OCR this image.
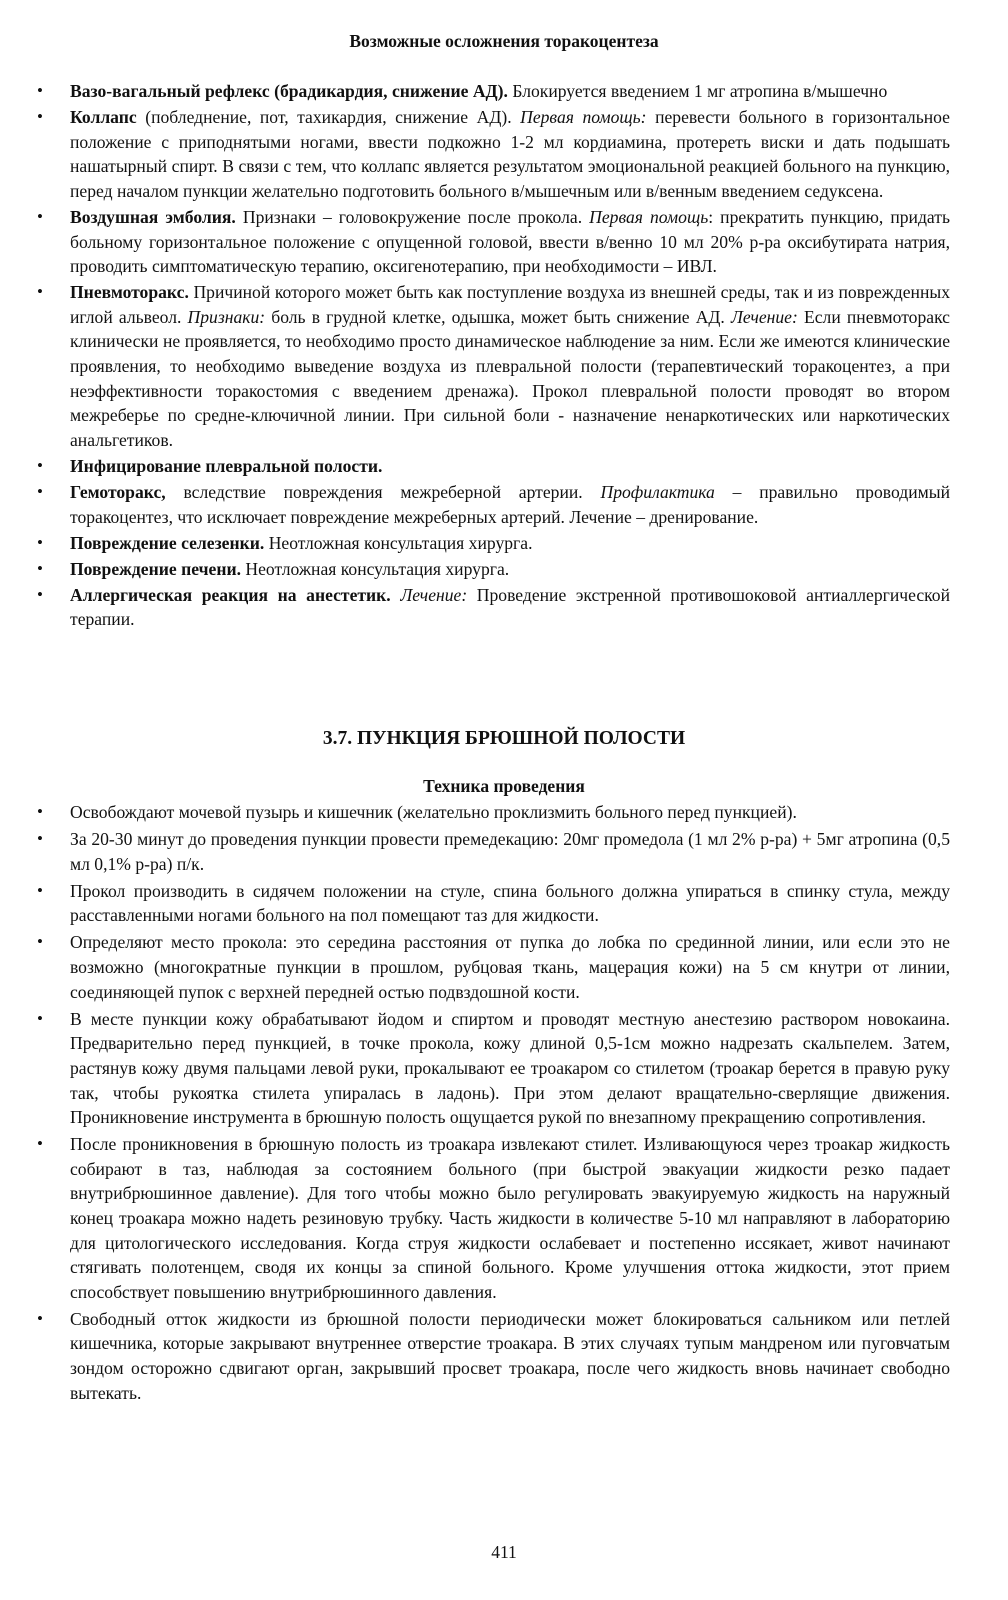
Возможные осложнения торакоцентеза
• Вазо-вагальный рефлекс (брадикардия, снижение АД). Блокируется введением 1 мг атропина в/мышечно
• Коллапс (побледнение, пот, тахикардия, снижение АД). Первая помощь: перевести больного в горизонтальное положение с приподнятыми ногами, ввести подкожно 1-2 мл кордиамина, протереть виски и дать подышать нашатырный спирт. В связи с тем, что коллапс является результатом эмоциональной реакцией больного на пункцию, перед началом пункции желательно подготовить больного в/мышечным или в/венным введением седуксена.
• Воздушная эмболия. Признаки – головокружение после прокола. Первая помощь: прекратить пункцию, придать больному горизонтальное положение с опущенной головой, ввести в/венно 10 мл 20% р-ра оксибутирата натрия, проводить симптоматическую терапию, оксигенотерапию, при необходимости – ИВЛ.
• Пневмоторакс. Причиной которого может быть как поступление воздуха из внешней среды, так и из поврежденных иглой альвеол. Признаки: боль в грудной клетке, одышка, может быть снижение АД. Лечение: Если пневмоторакс клинически не проявляется, то необходимо просто динамическое наблюдение за ним. Если же имеются клинические проявления, то необходимо выведение воздуха из плевральной полости (терапевтический торакоцентез, а при неэффективности торакостомия с введением дренажа). Прокол плевральной полости проводят во втором межреберье по средне-ключичной линии. При сильной боли - назначение ненаркотических или наркотических анальгетиков.
• Инфицирование плевральной полости.
• Гемоторакс, вследствие повреждения межреберной артерии. Профилактика – правильно проводимый торакоцентез, что исключает повреждение межреберных артерий. Лечение – дренирование.
• Повреждение селезенки. Неотложная консультация хирурга.
• Повреждение печени. Неотложная консультация хирурга.
• Аллергическая реакция на анестетик. Лечение: Проведение экстренной противошоковой антиаллергической терапии.
3.7. ПУНКЦИЯ БРЮШНОЙ ПОЛОСТИ
Техника проведения
• Освобождают мочевой пузырь и кишечник (желательно проклизмить больного перед пункцией).
• За 20-30 минут до проведения пункции провести премедекацию: 20мг промедола (1 мл 2% р-ра) + 5мг атропина (0,5 мл 0,1% р-ра) п/к.
• Прокол производить в сидячем положении на стуле, спина больного должна упираться в спинку стула, между расставленными ногами больного на пол помещают таз для жидкости.
• Определяют место прокола: это середина расстояния от пупка до лобка по срединной линии, или если это не возможно (многократные пункции в прошлом, рубцовая ткань, мацерация кожи) на 5 см кнутри от линии, соединяющей пупок с верхней передней остью подвздошной кости.
• В месте пункции кожу обрабатывают йодом и спиртом и проводят местную анестезию раствором новокаина. Предварительно перед пункцией, в точке прокола, кожу длиной 0,5-1см можно надрезать скальпелем. Затем, растянув кожу двумя пальцами левой руки, прокалывают ее троакаром со стилетом (троакар берется в правую руку так, чтобы рукоятка стилета упиралась в ладонь). При этом делают вращательно-сверлящие движения. Проникновение инструмента в брюшную полость ощущается рукой по внезапному прекращению сопротивления.
• После проникновения в брюшную полость из троакара извлекают стилет. Изливающуюся через троакар жидкость собирают в таз, наблюдая за состоянием больного (при быстрой эвакуации жидкости резко падает внутрибрюшинное давление). Для того чтобы можно было регулировать эвакуируемую жидкость на наружный конец троакара можно надеть резиновую трубку. Часть жидкости в количестве 5-10 мл направляют в лабораторию для цитологического исследования. Когда струя жидкости ослабевает и постепенно иссякает, живот начинают стягивать полотенцем, сводя их концы за спиной больного. Кроме улучшения оттока жидкости, этот прием способствует повышению внутрибрюшинного давления.
• Свободный отток жидкости из брюшной полости периодически может блокироваться сальником или петлей кишечника, которые закрывают внутреннее отверстие троакара. В этих случаях тупым мандреном или пуговчатым зондом осторожно сдвигают орган, закрывший просвет троакара, после чего жидкость вновь начинает свободно вытекать.
411
